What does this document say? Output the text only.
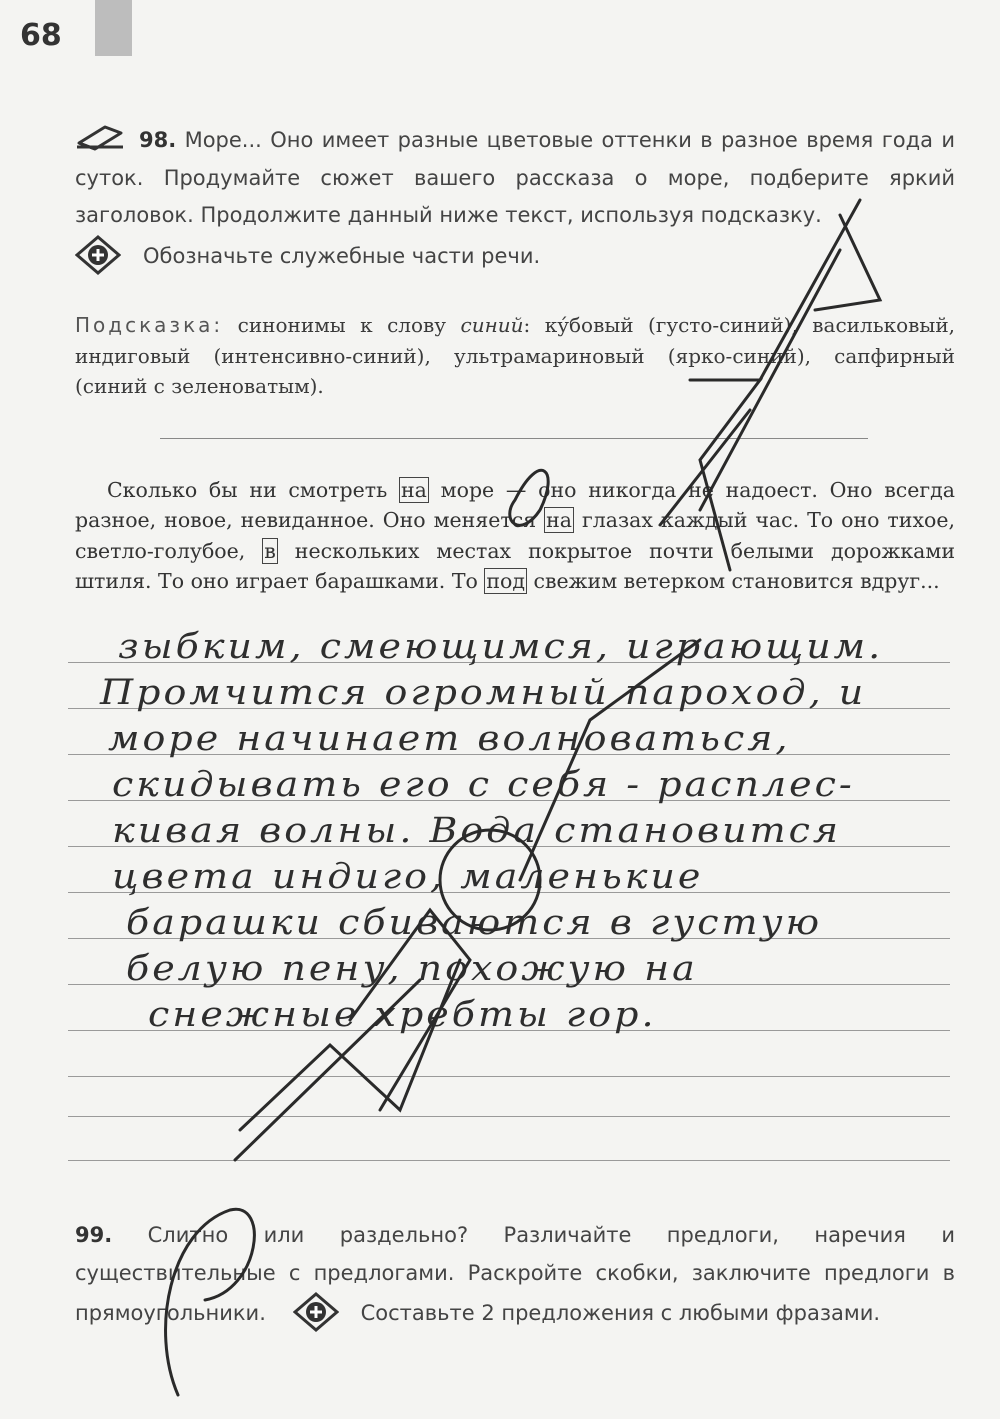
68
98. Море... Оно имеет разные цветовые оттенки в разное время года и суток. Продумайте сюжет вашего рассказа о море, подберите яркий заголовок. Продолжите данный ниже текст, используя подсказку.
Обозначьте служебные части речи.
Подсказка: синонимы к слову синий: ку́бовый (густо-синий), васильковый, индиговый (интенсивно-синий), ультрамариновый (ярко-синий), сапфирный (синий с зеленоватым).

Сколько бы ни смотреть на море — оно никогда не надоест. Оно всегда разное, новое, невиданное. Оно меняется на глазах каждый час. То оно тихое, светло-голубое, в нескольких местах покрытое почти белыми дорожками штиля. То оно играет барашками. То под свежим ветерком становится вдруг...

зыбким, смеющимся, играющим.
Промчится огромный пароход, и
море начинает волноваться,
скидывать его с себя - расплес-
кивая волны. Вода становится
цвета индиго, маленькие
барашки сбиваются в густую
белую пену, похожую на
снежные хребты гор.

99. Слитно или раздельно? Различайте предлоги, наречия и существительные с предлогами. Раскройте скобки, заключите предлоги в прямоугольники.	Составьте 2 предложения с любыми фразами.
